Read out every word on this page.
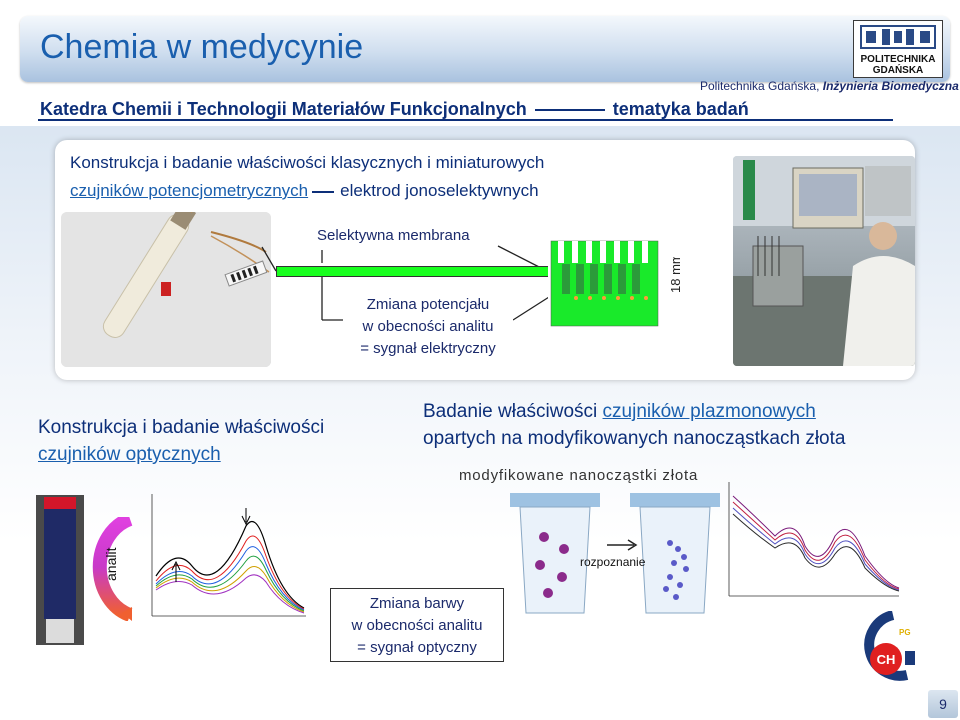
Chemia w medycynie	POLITECHNIKA
GDAŃSKA
Politechnika Gdańska, Inżynieria Biomedyczna
Katedra Chemii i Technologii Materiałów Funkcjonalnych	tematyka badań
Konstrukcja i badanie właściwości klasycznych i miniaturowych
czujników potencjometrycznych elektrod jonoselektywnych
Selektywna membrana
Zmiana potencjału
w obecności analitu
= sygnał elektryczny
18 mm
Konstrukcja i badanie właściwości
czujników optycznych
analit
Badanie właściwości czujników plazmonowych
opartych na modyfikowanych nanocząstkach złota
modyfikowane nanocząstki złota
rozpoznanie
Zmiana barwy
w obecności analitu
= sygnał optyczny
CH
PG
9
